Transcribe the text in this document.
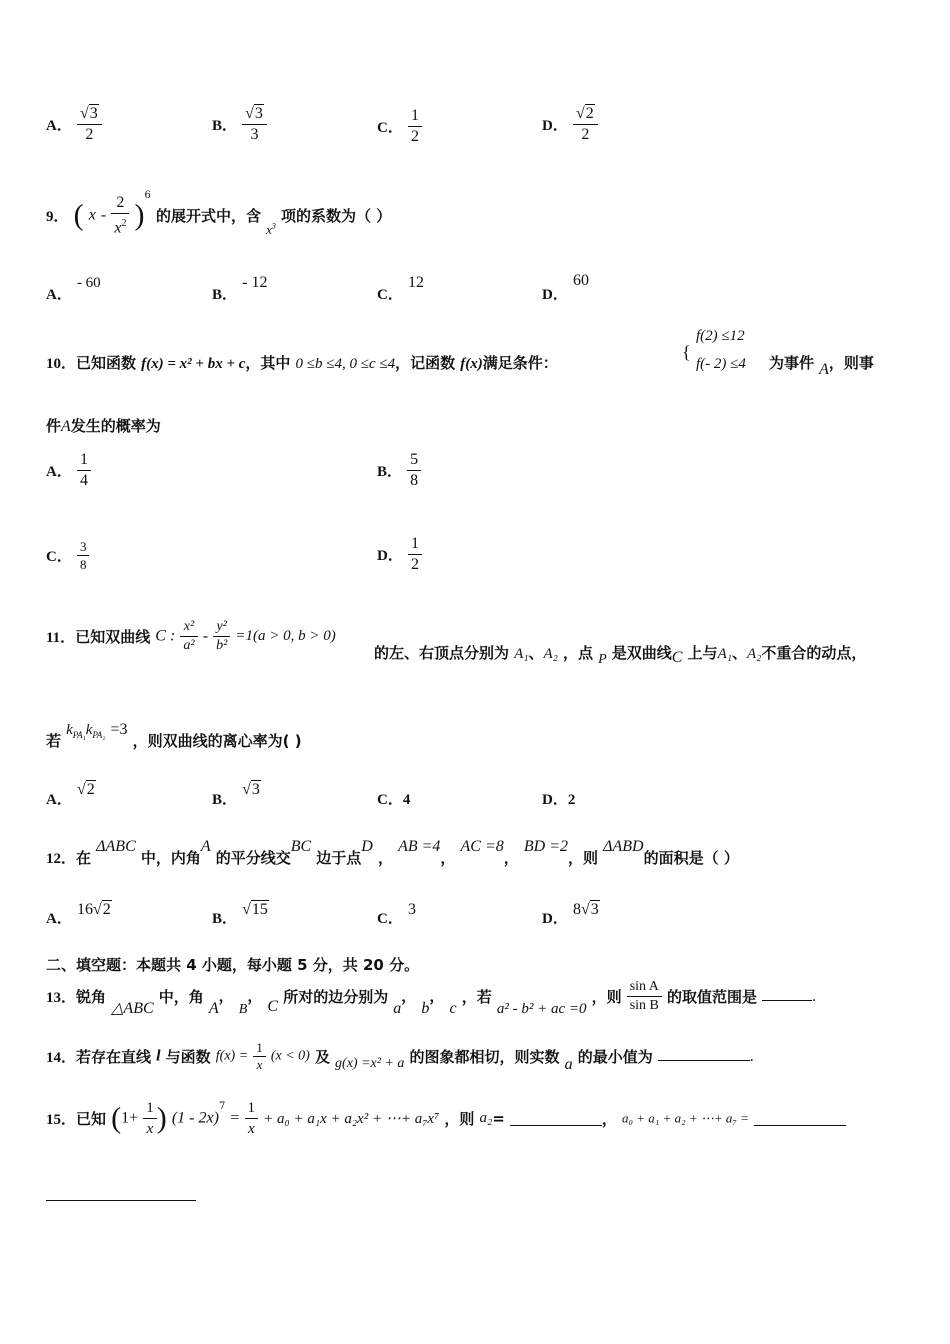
A． $\frac{√3}{2}$	B． $\frac{√3}{3}$	C． $\frac{1}{2}$	D． $\frac{√2}{2}$
9． ( x - $\frac{2}{x^2} )^6$ 的展开式中，含 $_{x^3}$ 项的系数为（ ）
A． - 60
B． - 12
C． 12
D． 60
10．已知函数 f(x) = x² + bx + c，其中 0 ≤b ≤4, 0 ≤c ≤4，记函数 f(x)满足条件：
{
f(2) ≤12
f(- 2) ≤4 为事件 A，则事
件A发生的概率为
A． $\frac{1}{4}$	B． $\frac{5}{8}$
C． $\frac{3}{8}$	D． $\frac{1}{2}$
11．已知双曲线 C : $\frac{\text{x²}}{\text{a²}} - \frac{\text{y²}}{\text{b²}} =1(a > 0$, b > 0)
的左、右顶点分别为 A₁、A₂ ，点 P 是双曲线C 上与A₁、A₂不重合的动点，
若 $k_{PA_1}k_{PA_2} =3$ ，则双曲线的离心率为( )
A． √2
B． √3
C．4	D．2
12．在 ΔABC 中，内角A 的平分线交BC 边于点D ， AB =4， AC =8， BD =2，则 ΔABD的面积是（ ）
A． 16√2
B． √15
C． 3
D． 8√3
二、填空题：本题共 4 小题，每小题 5 分，共 20 分。
13．锐角 △ABC 中，角 A， B， C 所对的边分别为 a， b， c ，若 a² - b² + ac =0 ，则 $\frac{\text{sin A}}{\text{sin B}}$ 的取值范围是	.
14．若存在直线 l 与函数 $f(x) = \frac{1}{x} (x < 0)$ 及 g(x) =x² + a 的图象都相切，则实数 a 的最小值为	.
15．已知 ($1+ \frac{1}{x}$ ) $(1 - 2x)^7 = \frac{1}{x} + a_0 + a_1x + a_2x^2$ + ⋯+ a₇x⁷ ，则 a₂=	， a₀ + a₁ + a₂ + ⋯+ a₇ =
